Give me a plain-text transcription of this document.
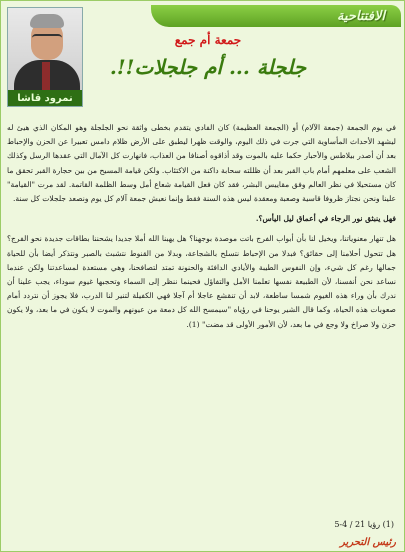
الافتتاحية
نمرود قاشا
جمعة أم جمع
جلجلة ... أم جلجلات!!.

في يوم الجمعة (جمعة الآلام) أو (الجمعة العظيمة) كان الفادي يتقدم بخطى واثقة نحو الجلجلة وهو المكان الذي هيئ له ليشهد الأحداث المأساوية التي جرت في ذلك اليوم، والوقت ظهرا ليطبق على الأرض ظلام دامس تعبيرا عن الحزن والإحباط بعد أن أصدر بيلاطس والأحبار حكما عليه بالموت وقد أذاقوه أصنافا من العذاب، فانهارت كل الآمال التي عقدها الرسل وكذلك الشعب على معلمهم أمام باب القبر بعد أن ظللته سحابة داكنة من الاكتئاب. ولكن قيامة المسيح من بين حجارة القبر تحقق ما كان مستحيلا في نظر العالم وفق مقاييس البشر، فقد كان فعل القيامة شعاع أمل وسط الظلمة القاتمة. لقد مرت "القيامة" علينا ونحن نجتاز ظروفا قاسية وصعبة ومعقدة ليس هذه السنة فقط وإنما نعيش جمعة آلام كل يوم ونصعد جلجلات كل سنة.

فهل ينبثق نور الرجاء في أعماق ليل اليأس؟.

هل تنهار معنوياتنا، ويخيل لنا بأن أبواب الفرج باتت موصدة بوجهنا؟ هل يهبنا الله أملا جديدا يشحننا بطاقات جديدة نحو الفرج؟ هل تتحول أحلامنا إلى حقائق؟ فبدلا من الإحباط نتسلح بالشجاعة، وبدلا من القنوط نتشبث بالصبر ونتذكر أيضا بأن للحياة جمالها رغم كل شيء، وإن النفوس الطيبة والأيادي الدافئة والحنونة تمتد لتصافحنا، وهي مستعدة لمساعدتنا ولكن عندما نساعد نحن أنفسنا، لأن الطبيعة نفسها تعلمنا الأمل والتفاؤل فحينما ننظر إلى السماء وتحجبها غيوم سوداء، يجب علينا أن ندرك بأن وراء هذه الغيوم شمسا ساطعة، لابد أن تنقشع عاجلا أم آجلا فهي الكفيلة لتنير لنا الدرب، فلا يجوز أن نتردد أمام صعوبات هذه الحياة، وكما قال الشير يوحنا في رؤياه "سيمسح الله كل دمعة من عيونهم والموت لا يكون في ما بعد، ولا يكون حزن ولا صراخ ولا وجع في ما بعد، لأن الأمور الأولى قد مضت" (1).

(1) رؤيا 21 / 4-5
رئيس التحرير
